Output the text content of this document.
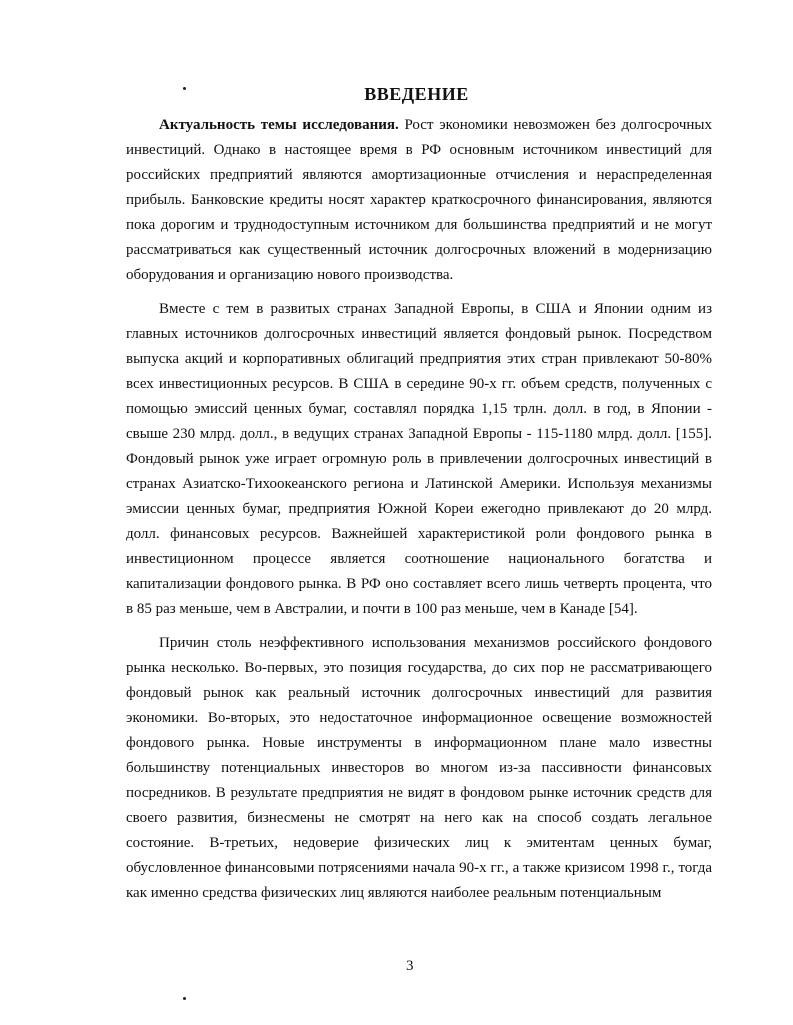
ВВЕДЕНИЕ

Актуальность темы исследования. Рост экономики невозможен без долгосрочных инвестиций. Однако в настоящее время в РФ основным источником инвестиций для российских предприятий являются амортизационные отчисления и нераспределенная прибыль. Банковские кредиты носят характер краткосрочного финансирования, являются пока дорогим и труднодоступным источником для большинства предприятий и не могут рассматриваться как существенный источник долгосрочных вложений в модернизацию оборудования и организацию нового производства.

Вместе с тем в развитых странах Западной Европы, в США и Японии одним из главных источников долгосрочных инвестиций является фондовый рынок. Посредством выпуска акций и корпоративных облигаций предприятия этих стран привлекают 50-80% всех инвестиционных ресурсов. В США в середине 90-х гг. объем средств, полученных с помощью эмиссий ценных бумаг, составлял порядка 1,15 трлн. долл. в год, в Японии - свыше 230 млрд. долл., в ведущих странах Западной Европы - 115-1180 млрд. долл. [155]. Фондовый рынок уже играет огромную роль в привлечении долгосрочных инвестиций в странах Азиатско-Тихоокеанского региона и Латинской Америки. Используя механизмы эмиссии ценных бумаг, предприятия Южной Кореи ежегодно привлекают до 20 млрд. долл. финансовых ресурсов. Важнейшей характеристикой роли фондового рынка в инвестиционном процессе является соотношение национального богатства и капитализации фондового рынка. В РФ оно составляет всего лишь четверть процента, что в 85 раз меньше, чем в Австралии, и почти в 100 раз меньше, чем в Канаде [54].

Причин столь неэффективного использования механизмов российского фондового рынка несколько. Во-первых, это позиция государства, до сих пор не рассматривающего фондовый рынок как реальный источник долгосрочных инвестиций для развития экономики. Во-вторых, это недостаточное информационное освещение возможностей фондового рынка. Новые инструменты в информационном плане мало известны большинству потенциальных инвесторов во многом из-за пассивности финансовых посредников. В результате предприятия не видят в фондовом рынке источник средств для своего развития, бизнесмены не смотрят на него как на способ создать легальное состояние. В-третьих, недоверие физических лиц к эмитентам ценных бумаг, обусловленное финансовыми потрясениями начала 90-х гг., а также кризисом 1998 г., тогда как именно средства физических лиц являются наиболее реальным потенциальным

3
